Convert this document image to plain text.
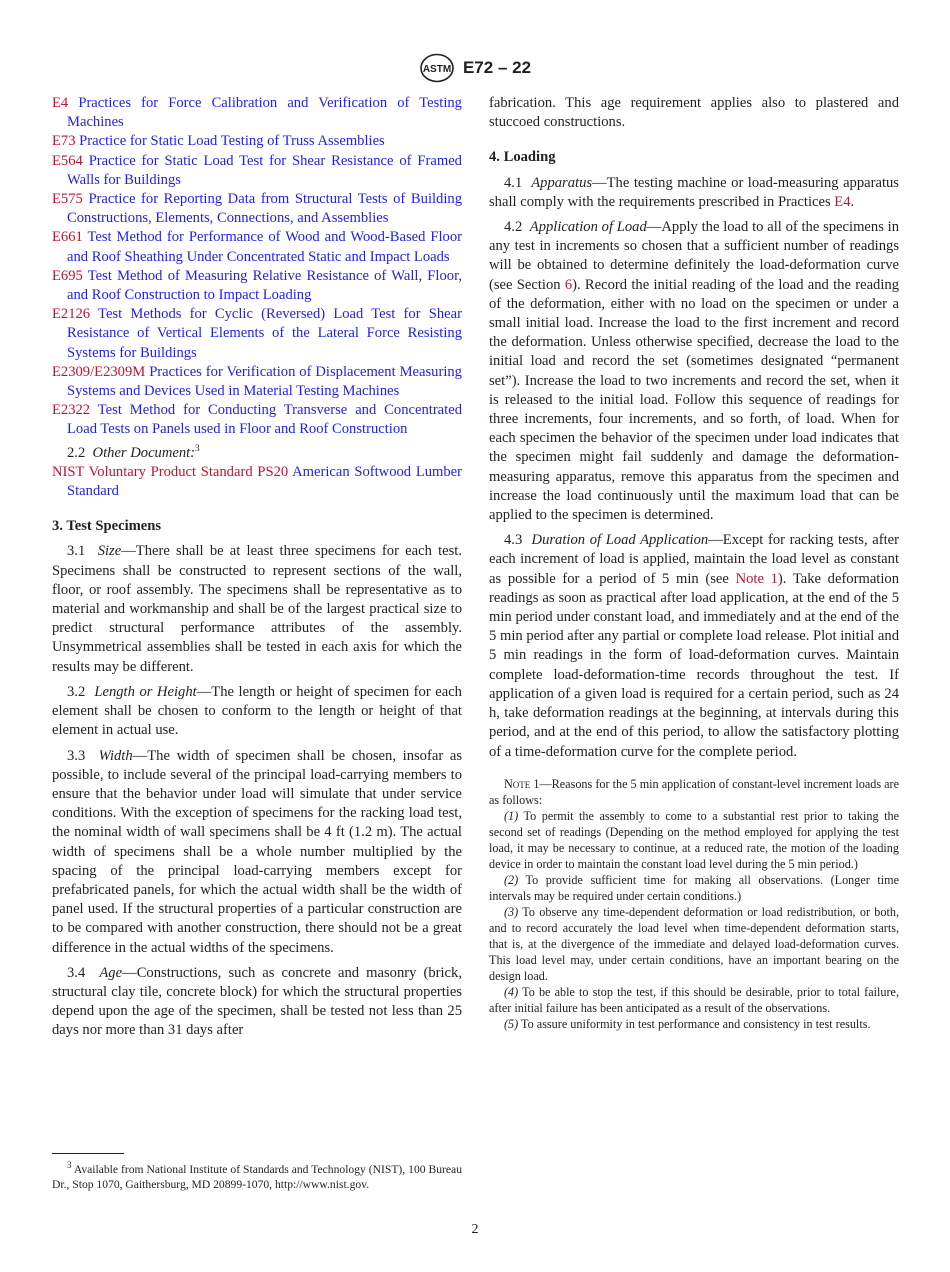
ASTM E72 – 22

E4 Practices for Force Calibration and Verification of Testing Machines

E73 Practice for Static Load Testing of Truss Assemblies

E564 Practice for Static Load Test for Shear Resistance of Framed Walls for Buildings

E575 Practice for Reporting Data from Structural Tests of Building Constructions, Elements, Connections, and Assemblies

E661 Test Method for Performance of Wood and Wood-Based Floor and Roof Sheathing Under Concentrated Static and Impact Loads

E695 Test Method of Measuring Relative Resistance of Wall, Floor, and Roof Construction to Impact Loading

E2126 Test Methods for Cyclic (Reversed) Load Test for Shear Resistance of Vertical Elements of the Lateral Force Resisting Systems for Buildings

E2309/E2309M Practices for Verification of Displacement Measuring Systems and Devices Used in Material Testing Machines

E2322 Test Method for Conducting Transverse and Concentrated Load Tests on Panels used in Floor and Roof Construction

2.2 Other Document:$^3$

NIST Voluntary Product Standard PS20 American Softwood Lumber Standard

3. Test Specimens

3.1 Size—There shall be at least three specimens for each test. Specimens shall be constructed to represent sections of the wall, floor, or roof assembly. The specimens shall be representative as to material and workmanship and shall be of the largest practical size to predict structural performance attributes of the assembly. Unsymmetrical assemblies shall be tested in each axis for which the results may be different.

3.2 Length or Height—The length or height of specimen for each element shall be chosen to conform to the length or height of that element in actual use.

3.3 Width—The width of specimen shall be chosen, insofar as possible, to include several of the principal load-carrying members to ensure that the behavior under load will simulate that under service conditions. With the exception of specimens for the racking load test, the nominal width of wall specimens shall be 4 ft (1.2 m). The actual width of specimens shall be a whole number multiplied by the spacing of the principal load-carrying members except for prefabricated panels, for which the actual width shall be the width of panel used. If the structural properties of a particular construction are to be compared with another construction, there should not be a great difference in the actual widths of the specimens.

3.4 Age—Constructions, such as concrete and masonry (brick, structural clay tile, concrete block) for which the structural properties depend upon the age of the specimen, shall be tested not less than 25 days nor more than 31 days after

fabrication. This age requirement applies also to plastered and stuccoed constructions.

4. Loading

4.1 Apparatus—The testing machine or load-measuring apparatus shall comply with the requirements prescribed in Practices E4.

4.2 Application of Load—Apply the load to all of the specimens in any test in increments so chosen that a sufficient number of readings will be obtained to determine definitely the load-deformation curve (see Section 6). Record the initial reading of the load and the reading of the deformation, either with no load on the specimen or under a small initial load. Increase the load to the first increment and record the deformation. Unless otherwise specified, decrease the load to the initial load and record the set (sometimes designated “permanent set”). Increase the load to two increments and record the set, when it is released to the initial load. Follow this sequence of readings for three increments, four increments, and so forth, of load. When for each specimen the behavior of the specimen under load indicates that the specimen might fail suddenly and damage the deformation-measuring apparatus, remove this apparatus from the specimen and increase the load continuously until the maximum load that can be applied to the specimen is determined.

4.3 Duration of Load Application—Except for racking tests, after each increment of load is applied, maintain the load level as constant as possible for a period of 5 min (see Note 1). Take deformation readings as soon as practical after load application, at the end of the 5 min period under constant load, and immediately and at the end of the 5 min period after any partial or complete load release. Plot initial and 5 min readings in the form of load-deformation curves. Maintain complete load-deformation-time records throughout the test. If application of a given load is required for a certain period, such as 24 h, take deformation readings at the beginning, at intervals during this period, and at the end of this period, to allow the satisfactory plotting of a time-deformation curve for the complete period.

Note 1—Reasons for the 5 min application of constant-level increment loads are as follows:

(1) To permit the assembly to come to a substantial rest prior to taking the second set of readings (Depending on the method employed for applying the test load, it may be necessary to continue, at a reduced rate, the motion of the loading device in order to maintain the constant load level during the 5 min period.)

(2) To provide sufficient time for making all observations. (Longer time intervals may be required under certain conditions.)

(3) To observe any time-dependent deformation or load redistribution, or both, and to record accurately the load level when time-dependent deformation starts, that is, at the divergence of the immediate and delayed load-deformation curves. This load level may, under certain conditions, have an important bearing on the design load.

(4) To be able to stop the test, if this should be desirable, prior to total failure, after initial failure has been anticipated as a result of the observations.

(5) To assure uniformity in test performance and consistency in test results.

$^3$ Available from National Institute of Standards and Technology (NIST), 100 Bureau Dr., Stop 1070, Gaithersburg, MD 20899-1070, http://www.nist.gov.

2
